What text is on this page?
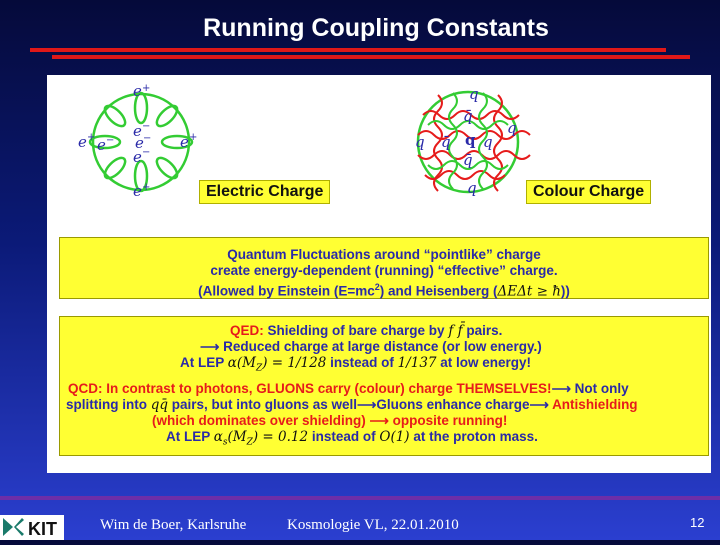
Running Coupling Constants
e +
e −
e + e − e − e +
e −
e +	Electric Charge
q
q̄
q q̄ q q
q
q̄
q	Colour Charge
Quantum Fluctuations around “pointlike” charge
create energy-dependent (running) “effective” charge.
(Allowed by Einstein $(E=mc^2)$ and Heisenberg (ΔEΔt ≥ ħ))
QED: Shielding of bare charge by f f̄ pairs.
⟶ Reduced charge at large distance (or low energy.)
At LEP $\alpha(M_Z) = 1/128$ instead of 1/137 at low energy!
QCD: In contrast to photons, GLUONS carry (colour) charge THEMSELVES!⟶ Not only
splitting into qq̄ pairs, but into gluons as well⟶Gluons enhance charge⟶ Antishielding
(which dominates over shielding) ⟶ opposite running!
At LEP $\alpha_s(M_Z) = 0.12$ instead of O(1) at the proton mass.
KIT	Wim de Boer, Karlsruhe	Kosmologie VL, 22.01.2010	12
